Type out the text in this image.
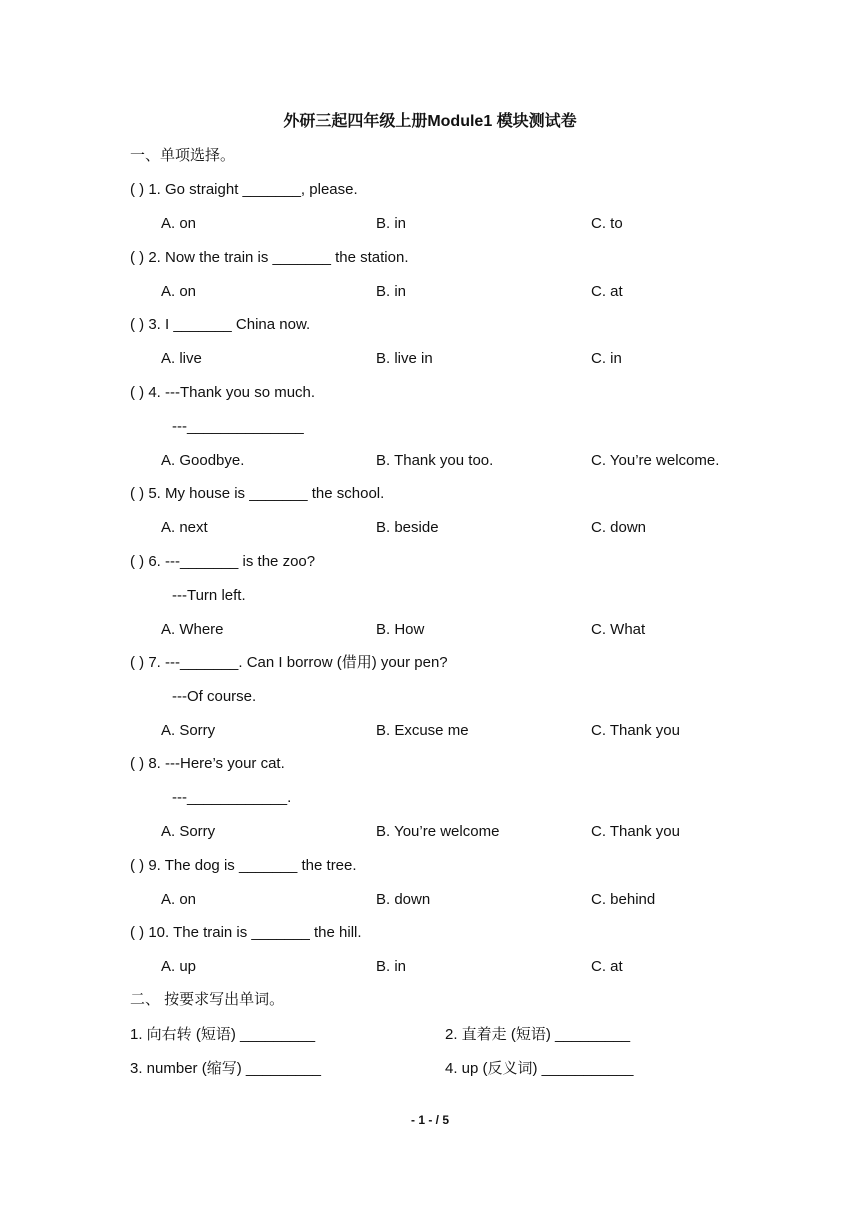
外研三起四年级上册Module1 模块测试卷
一、单项选择。
( ) 1. Go straight _______, please.
A. on	B. in	C. to
( ) 2. Now the train is _______ the station.
A. on	B. in	C. at
( ) 3. I _______ China now.
A. live	B. live in	C. in
( ) 4. ---Thank you so much.
---______________
A. Goodbye.	B. Thank you too.	C. You’re welcome.
( ) 5. My house is _______ the school.
A. next	B. beside	C. down
( ) 6. ---_______ is the zoo?
---Turn left.
A. Where	B. How	C. What
( ) 7. ---_______. Can I borrow (借用) your pen?
---Of course.
A. Sorry	B. Excuse me	C. Thank you
( ) 8. ---Here’s your cat.
---____________.
A. Sorry	B. You’re welcome	C. Thank you
( ) 9. The dog is _______ the tree.
A. on	B. down	C. behind
( ) 10. The train is _______ the hill.
A. up	B. in	C. at
二、 按要求写出单词。
1. 向右转 (短语) _________	2. 直着走 (短语) _________
3. number (缩写) _________	4. up (反义词) ___________
- 1 - / 5
